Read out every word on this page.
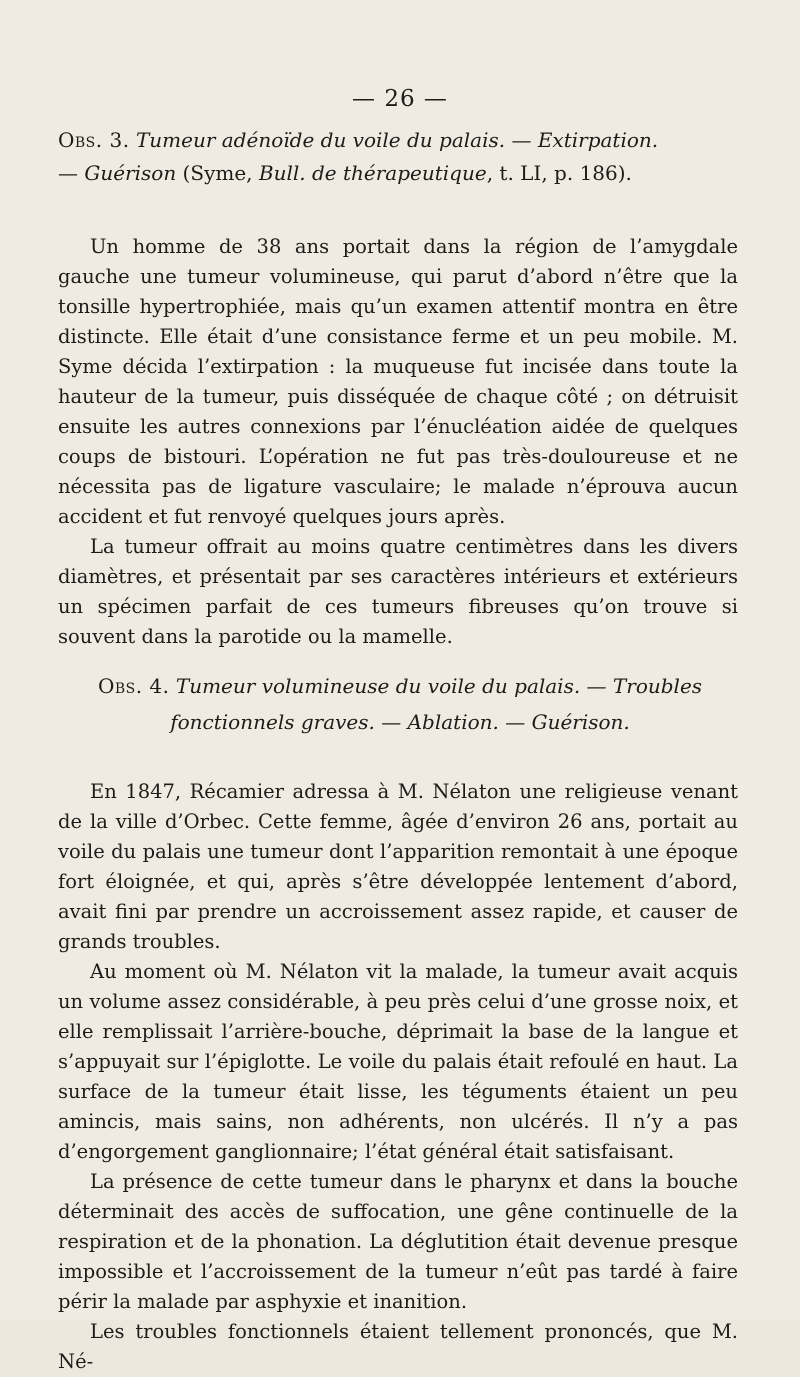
— 26 —
Obs. 3. Tumeur adénoïde du voile du palais. — Extirpation.
— Guérison (Syme, Bull. de thérapeutique, t. LI, p. 186).

Un homme de 38 ans portait dans la région de l’amygdale gauche une tumeur volumineuse, qui parut d’abord n’être que la tonsille hypertrophiée, mais qu’un examen attentif montra en être distincte. Elle était d’une consistance ferme et un peu mobile. M. Syme décida l’extirpation : la muqueuse fut incisée dans toute la hauteur de la tumeur, puis disséquée de chaque côté ; on détruisit ensuite les autres connexions par l’énucléation aidée de quelques coups de bistouri. L’opération ne fut pas très-douloureuse et ne nécessita pas de ligature vasculaire; le malade n’éprouva aucun accident et fut renvoyé quelques jours après.

La tumeur offrait au moins quatre centimètres dans les divers diamètres, et présentait par ses caractères intérieurs et extérieurs un spécimen parfait de ces tumeurs fibreuses qu’on trouve si souvent dans la parotide ou la mamelle.

Obs. 4. Tumeur volumineuse du voile du palais. — Troubles
fonctionnels graves. — Ablation. — Guérison.

En 1847, Récamier adressa à M. Nélaton une religieuse venant de la ville d’Orbec. Cette femme, âgée d’environ 26 ans, portait au voile du palais une tumeur dont l’apparition remontait à une époque fort éloignée, et qui, après s’être développée lentement d’abord, avait fini par prendre un accroissement assez rapide, et causer de grands troubles.

Au moment où M. Nélaton vit la malade, la tumeur avait acquis un volume assez considérable, à peu près celui d’une grosse noix, et elle remplissait l’arrière-bouche, déprimait la base de la langue et s’appuyait sur l’épiglotte. Le voile du palais était refoulé en haut. La surface de la tumeur était lisse, les téguments étaient un peu amincis, mais sains, non adhérents, non ulcérés. Il n’y a pas d’engorgement ganglionnaire; l’état général était satisfaisant.

La présence de cette tumeur dans le pharynx et dans la bouche déterminait des accès de suffocation, une gêne continuelle de la respiration et de la phonation. La déglutition était devenue presque impossible et l’accroissement de la tumeur n’eût pas tardé à faire périr la malade par asphyxie et inanition.

Les troubles fonctionnels étaient tellement prononcés, que M. Né-
